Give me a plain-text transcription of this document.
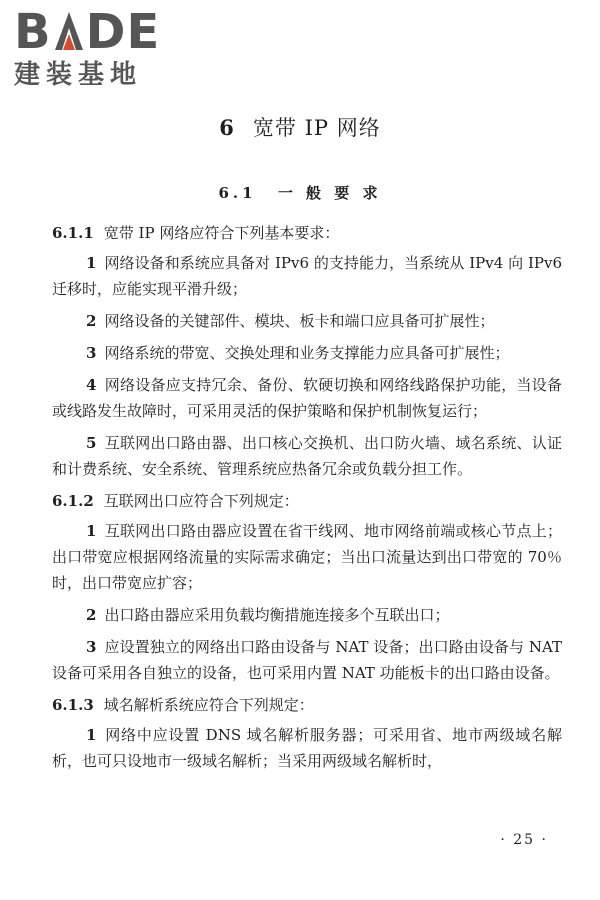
B DE
建装基地
6 宽带 IP 网络
6.1 一 般 要 求

6.1.1 宽带 IP 网络应符合下列基本要求：

1 网络设备和系统应具备对 IPv6 的支持能力，当系统从 IPv4 向 IPv6 迁移时，应能实现平滑升级；

2 网络设备的关键部件、模块、板卡和端口应具备可扩展性；

3 网络系统的带宽、交换处理和业务支撑能力应具备可扩展性；

4 网络设备应支持冗余、备份、软硬切换和网络线路保护功能，当设备或线路发生故障时，可采用灵活的保护策略和保护机制恢复运行；

5 互联网出口路由器、出口核心交换机、出口防火墙、域名系统、认证和计费系统、安全系统、管理系统应热备冗余或负载分担工作。

6.1.2 互联网出口应符合下列规定：

1 互联网出口路由器应设置在省干线网、地市网络前端或核心节点上；出口带宽应根据网络流量的实际需求确定；当出口流量达到出口带宽的 70％时，出口带宽应扩容；

2 出口路由器应采用负载均衡措施连接多个互联出口；

3 应设置独立的网络出口路由设备与 NAT 设备；出口路由设备与 NAT 设备可采用各自独立的设备，也可采用内置 NAT 功能板卡的出口路由设备。

6.1.3 域名解析系统应符合下列规定：

1 网络中应设置 DNS 域名解析服务器；可采用省、地市两级域名解析，也可只设地市一级域名解析；当采用两级域名解析时，

· 25 ·
